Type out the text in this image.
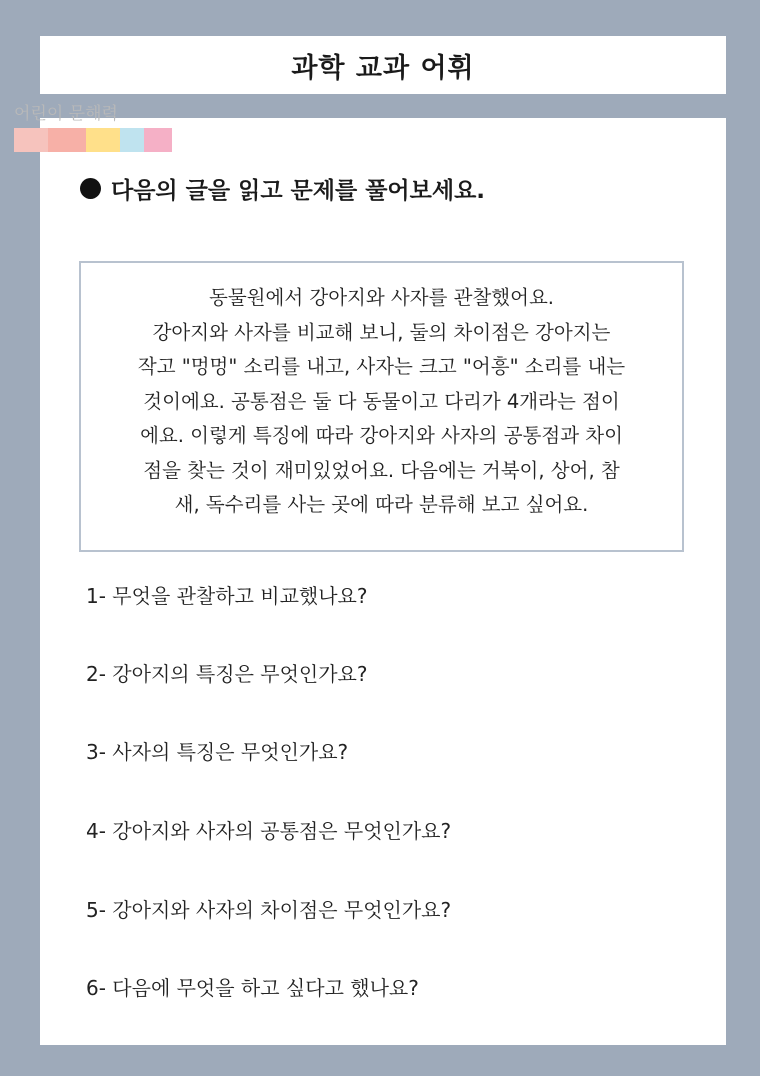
과학 교과 어휘
어린이 문해력
다음의 글을 읽고 문제를 풀어보세요.
동물원에서 강아지와 사자를 관찰했어요.
강아지와 사자를 비교해 보니, 둘의 차이점은 강아지는
작고 "멍멍" 소리를 내고, 사자는 크고 "어흥" 소리를 내는
것이에요. 공통점은 둘 다 동물이고 다리가 4개라는 점이
에요. 이렇게 특징에 따라 강아지와 사자의 공통점과 차이
점을 찾는 것이 재미있었어요. 다음에는 거북이, 상어, 참
새, 독수리를 사는 곳에 따라 분류해 보고 싶어요.
1- 무엇을 관찰하고 비교했나요?
2- 강아지의 특징은 무엇인가요?
3- 사자의 특징은 무엇인가요?
4- 강아지와 사자의 공통점은 무엇인가요?
5- 강아지와 사자의 차이점은 무엇인가요?
6- 다음에 무엇을 하고 싶다고 했나요?
